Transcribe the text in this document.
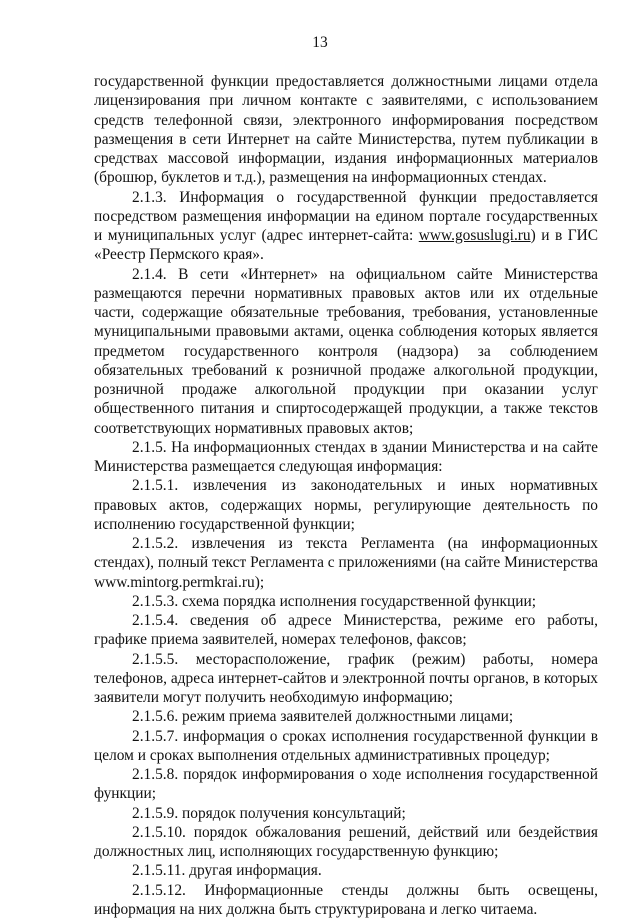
13

государственной функции предоставляется должностными лицами отдела лицензирования при личном контакте с заявителями, с использованием средств телефонной связи, электронного информирования посредством размещения в сети Интернет на сайте Министерства, путем публикации в средствах массовой информации, издания информационных материалов (брошюр, буклетов и т.д.), размещения на информационных стендах.

2.1.3. Информация о государственной функции предоставляется посредством размещения информации на едином портале государственных и муниципальных услуг (адрес интернет-сайта: www.gosuslugi.ru) и в ГИС «Реестр Пермского края».

2.1.4. В сети «Интернет» на официальном сайте Министерства размещаются перечни нормативных правовых актов или их отдельные части, содержащие обязательные требования, требования, установленные муниципальными правовыми актами, оценка соблюдения которых является предметом государственного контроля (надзора) за соблюдением обязательных требований к розничной продаже алкогольной продукции, розничной продаже алкогольной продукции при оказании услуг общественного питания и спиртосодержащей продукции, а также текстов соответствующих нормативных правовых актов;

2.1.5. На информационных стендах в здании Министерства и на сайте Министерства размещается следующая информация:

2.1.5.1. извлечения из законодательных и иных нормативных правовых актов, содержащих нормы, регулирующие деятельность по исполнению государственной функции;

2.1.5.2. извлечения из текста Регламента (на информационных стендах), полный текст Регламента с приложениями (на сайте Министерства www.mintorg.permkrai.ru);

2.1.5.3. схема порядка исполнения государственной функции;

2.1.5.4. сведения об адресе Министерства, режиме его работы, графике приема заявителей, номерах телефонов, факсов;

2.1.5.5. месторасположение, график (режим) работы, номера телефонов, адреса интернет-сайтов и электронной почты органов, в которых заявители могут получить необходимую информацию;

2.1.5.6. режим приема заявителей должностными лицами;

2.1.5.7. информация о сроках исполнения государственной функции в целом и сроках выполнения отдельных административных процедур;

2.1.5.8. порядок информирования о ходе исполнения государственной функции;

2.1.5.9. порядок получения консультаций;

2.1.5.10. порядок обжалования решений, действий или бездействия должностных лиц, исполняющих государственную функцию;

2.1.5.11. другая информация.

2.1.5.12. Информационные стенды должны быть освещены, информация на них должна быть структурирована и легко читаема.
